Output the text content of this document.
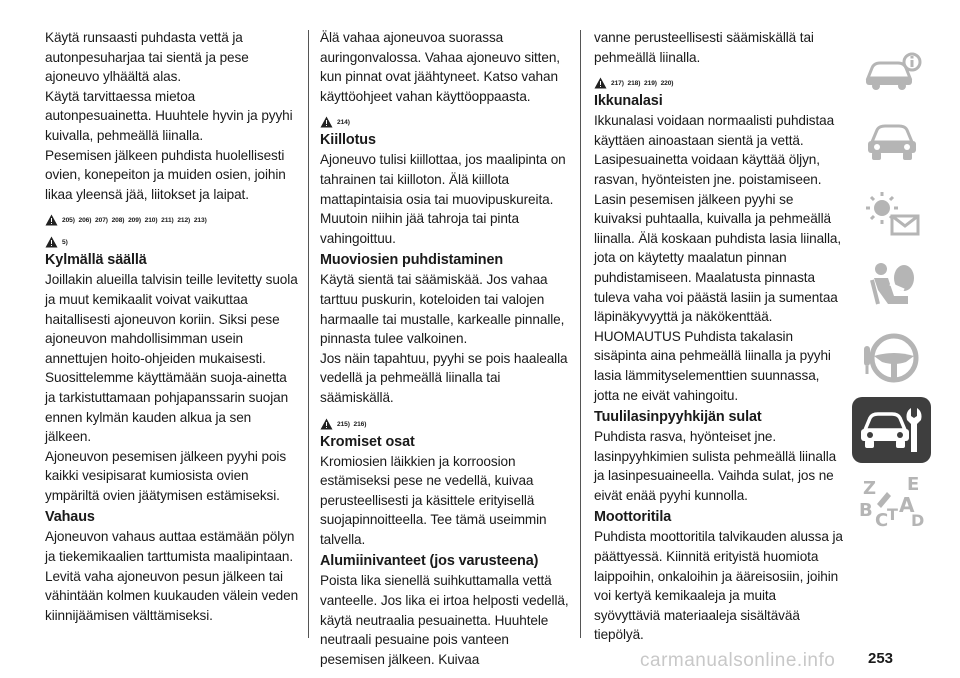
Käytä runsaasti puhdasta vettä ja autonpesuharjaa tai sientä ja pese ajoneuvo ylhäältä alas.

Käytä tarvittaessa mietoa autonpesuainetta. Huuhtele hyvin ja pyyhi kuivalla, pehmeällä liinalla.

Pesemisen jälkeen puhdista huolellisesti ovien, konepeiton ja muiden osien, joihin likaa yleensä jää, liitokset ja laipat.

205) 206) 207) 208) 209) 210) 211) 212) 213)
5)
Kylmällä säällä

Joillakin alueilla talvisin teille levitetty suola ja muut kemikaalit voivat vaikuttaa haitallisesti ajoneuvon koriin. Siksi pese ajoneuvon mahdollisimman usein annettujen hoito-ohjeiden mukaisesti.

Suosittelemme käyttämään suoja-ainetta ja tarkistuttamaan pohjapanssarin suojan ennen kylmän kauden alkua ja sen jälkeen.

Ajoneuvon pesemisen jälkeen pyyhi pois kaikki vesipisarat kumiosista ovien ympäriltä ovien jäätymisen estämiseksi.

Vahaus

Ajoneuvon vahaus auttaa estämään pölyn ja tiekemikaalien tarttumista maalipintaan. Levitä vaha ajoneuvon pesun jälkeen tai vähintään kolmen kuukauden välein veden kiinnijäämisen välttämiseksi.

Älä vahaa ajoneuvoa suorassa auringonvalossa. Vahaa ajoneuvo sitten, kun pinnat ovat jäähtyneet. Katso vahan käyttöohjeet vahan käyttöoppaasta.

214)
Kiillotus

Ajoneuvo tulisi kiillottaa, jos maalipinta on tahrainen tai kiilloton. Älä kiillota mattapintaisia osia tai muovipuskureita. Muutoin niihin jää tahroja tai pinta vahingoittuu.

Muoviosien puhdistaminen

Käytä sientä tai säämiskää. Jos vahaa tarttuu puskurin, koteloiden tai valojen harmaalle tai mustalle, karkealle pinnalle, pinnasta tulee valkoinen.

Jos näin tapahtuu, pyyhi se pois haalealla vedellä ja pehmeällä liinalla tai säämiskällä.

215) 216)
Kromiset osat

Kromiosien läikkien ja korroosion estämiseksi pese ne vedellä, kuivaa perusteellisesti ja käsittele erityisellä suojapinnoitteella. Tee tämä useimmin talvella.

Alumiinivanteet (jos varusteena)

Poista lika sienellä suihkuttamalla vettä vanteelle. Jos lika ei irtoa helposti vedellä, käytä neutraalia pesuainetta. Huuhtele neutraali pesuaine pois vanteen pesemisen jälkeen. Kuivaa

vanne perusteellisesti säämiskällä tai pehmeällä liinalla.

217) 218) 219) 220)
Ikkunalasi

Ikkunalasi voidaan normaalisti puhdistaa käyttäen ainoastaan sientä ja vettä.

Lasipesuainetta voidaan käyttää öljyn, rasvan, hyönteisten jne. poistamiseen. Lasin pesemisen jälkeen pyyhi se kuivaksi puhtaalla, kuivalla ja pehmeällä liinalla. Älä koskaan puhdista lasia liinalla, jota on käytetty maalatun pinnan puhdistamiseen. Maalatusta pinnasta tuleva vaha voi päästä lasiin ja sumentaa läpinäkyvyyttä ja näkökenttää.

HUOMAUTUS Puhdista takalasin sisäpinta aina pehmeällä liinalla ja pyyhi lasia lämmityselementtien suunnassa, jotta ne eivät vahingoitu.

Tuulilasinpyyhkijän sulat

Puhdista rasva, hyönteiset jne. lasinpyyhkimien sulista pehmeällä liinalla ja lasinpesuaineella. Vaihda sulat, jos ne eivät enää pyyhi kunnolla.

Moottoritila

Puhdista moottoritila talvikauden alussa ja päättyessä. Kiinnitä erityistä huomiota laippoihin, onkaloihin ja ääreisosiin, joihin voi kertyä kemikaaleja ja muita syövyttäviä materiaaleja sisältävää tiepölyä.

Z E
B A
C
T D
carmanualsonline.info 253
